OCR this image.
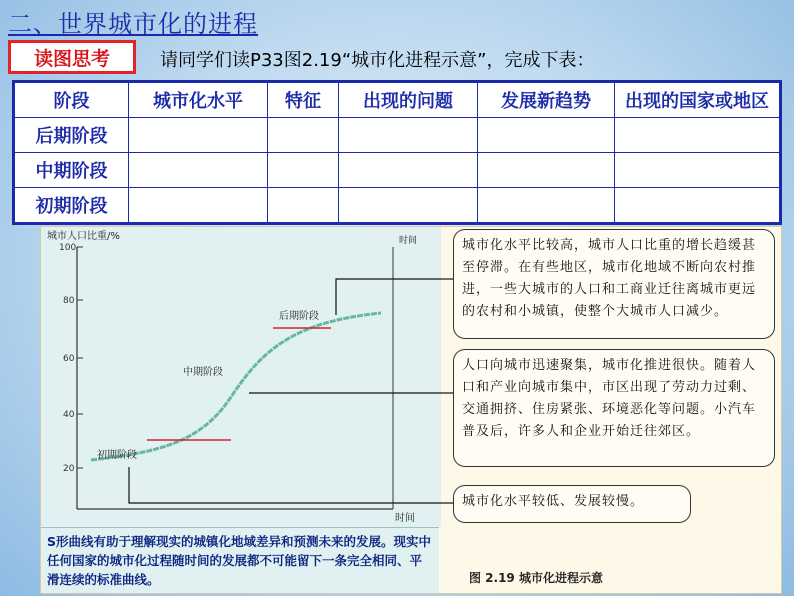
二、世界城市化的进程
读图思考	请同学们读P33图2.19“城市化进程示意”，完成下表：
阶段	城市化水平	特征	出现的问题	发展新趋势	出现的国家或地区
后期阶段					
中期阶段					
初期阶段					
100
80
60
40
20
城市人口比重/%
时间
时间
后期阶段
中期阶段
初期阶段
S形曲线有助于理解现实的城镇化地域差异和预测未来的发展。现实中任何国家的城市化过程随时间的发展都不可能留下一条完全相同、平滑连续的标准曲线。
城市化水平比较高，城市人口比重的增长趋缓甚至停滞。在有些地区，城市化地域不断向农村推进，一些大城市的人口和工商业迁往离城市更远的农村和小城镇，使整个大城市人口减少。
人口向城市迅速聚集，城市化推进很快。随着人口和产业向城市集中，市区出现了劳动力过剩、交通拥挤、住房紧张、环境恶化等问题。小汽车普及后，许多人和企业开始迁往郊区。
城市化水平较低、发展较慢。
图 2.19 城市化进程示意
